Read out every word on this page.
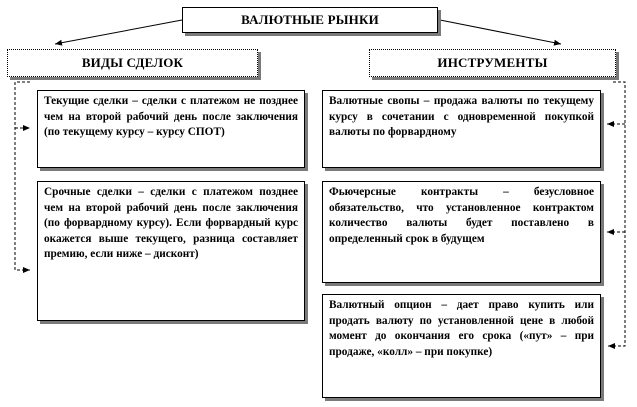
ВАЛЮТНЫЕ РЫНКИ
ВИДЫ СДЕЛОК	ИНСТРУМЕНТЫ
Текущие сделки – сделки с платежом не позднее чем на второй рабочий день после заключения (по текущему курсу – курсу СПОТ)
Срочные сделки – сделки с платежом позднее чем на второй рабочий день после заключения (по форвардному курсу). Если форвардный курс окажется выше текущего, разница составляет премию, если ниже – дисконт)
Валютные свопы – продажа валюты по текущему курсу в сочетании с одновременной покупкой валюты по форвардному
Фьючерсные контракты – безусловное обязательство, что установленное контрактом количество валюты будет поставлено в определенный срок в будущем
Валютный опцион – дает право купить или продать валюту по установленной цене в любой момент до окончания его срока («пут» – при продаже, «колл» – при покупке)
